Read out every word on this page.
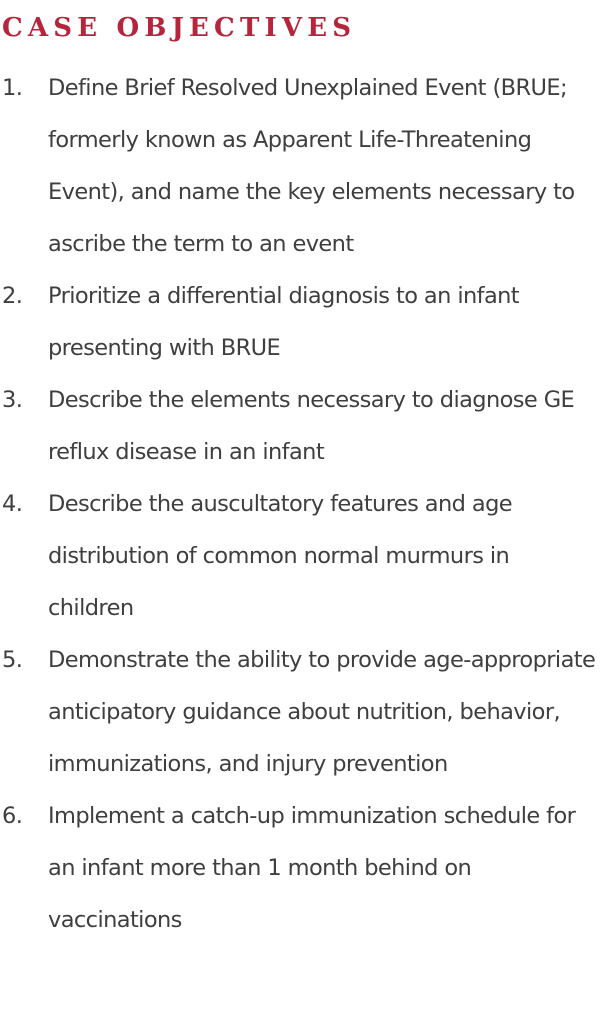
CASE OBJECTIVES
1.	Define Brief Resolved Unexplained Event (BRUE; formerly known as Apparent Life-Threatening Event), and name the key elements necessary to ascribe the term to an event
2.	Prioritize a differential diagnosis to an infant presenting with BRUE
3.	Describe the elements necessary to diagnose GE reflux disease in an infant
4.	Describe the auscultatory features and age distribution of common normal murmurs in children
5.	Demonstrate the ability to provide age-appropriate anticipatory guidance about nutrition, behavior, immunizations, and injury prevention
6.	Implement a catch-up immunization schedule for an infant more than 1 month behind on vaccinations
